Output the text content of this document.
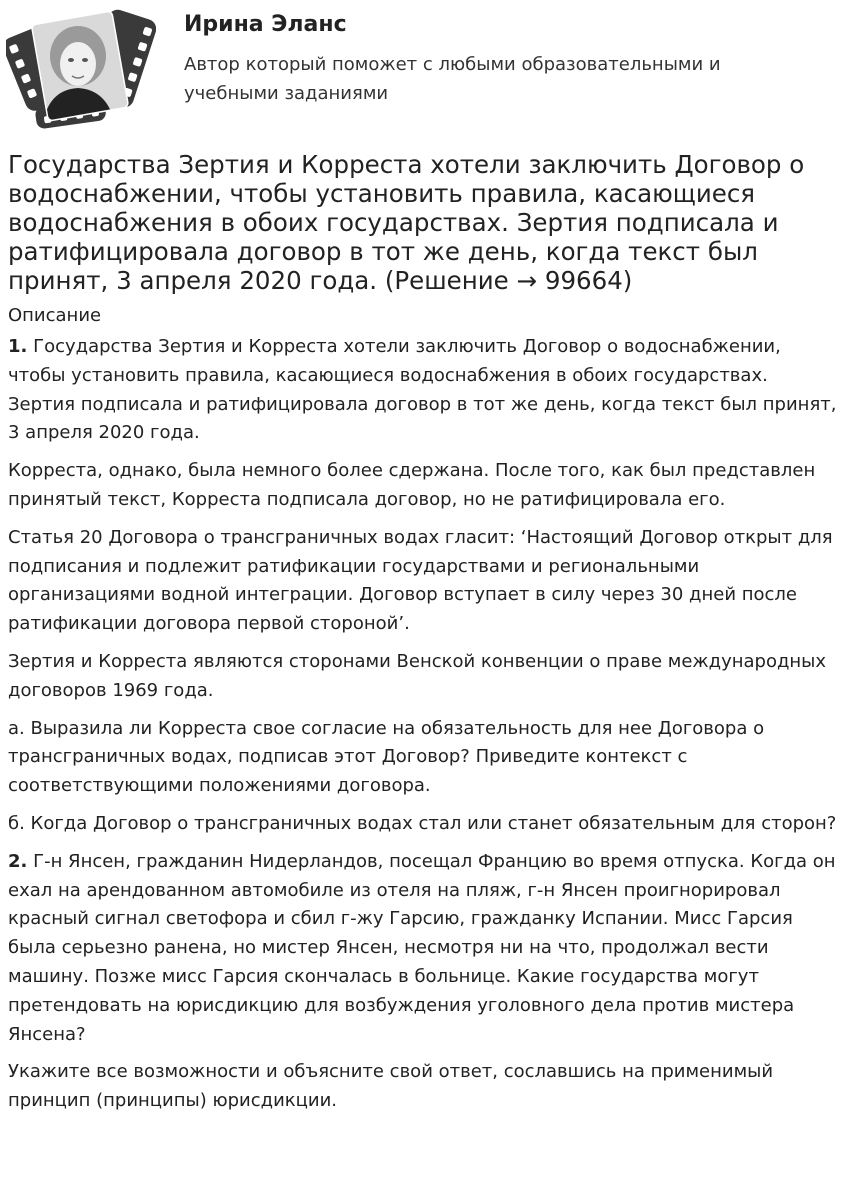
Ирина Эланс

Автор который поможет с любыми образовательными и учебными заданиями

Государства Зертия и Корреста хотели заключить Договор о водоснабжении, чтобы установить правила, касающиеся водоснабжения в обоих государствах. Зертия подписала и ратифицировала договор в тот же день, когда текст был принят, 3 апреля 2020 года. (Решение → 99664)
Описание

1. Государства Зертия и Корреста хотели заключить Договор о водоснабжении, чтобы установить правила, касающиеся водоснабжения в обоих государствах. Зертия подписала и ратифицировала договор в тот же день, когда текст был принят, 3 апреля 2020 года.

Корреста, однако, была немного более сдержана. После того, как был представлен принятый текст, Корреста подписала договор, но не ратифицировала его.

Статья 20 Договора о трансграничных водах гласит: ‘Настоящий Договор открыт для подписания и подлежит ратификации государствами и региональными организациями водной интеграции. Договор вступает в силу через 30 дней после ратификации договора первой стороной’.

Зертия и Корреста являются сторонами Венской конвенции о праве международных договоров 1969 года.

а. Выразила ли Корреста свое согласие на обязательность для нее Договора о трансграничных водах, подписав этот Договор? Приведите контекст с соответствующими положениями договора.

б. Когда Договор о трансграничных водах стал или станет обязательным для сторон?

2. Г-н Янсен, гражданин Нидерландов, посещал Францию во время отпуска. Когда он ехал на арендованном автомобиле из отеля на пляж, г-н Янсен проигнорировал красный сигнал светофора и сбил г-жу Гарсию, гражданку Испании. Мисс Гарсия была серьезно ранена, но мистер Янсен, несмотря ни на что, продолжал вести машину. Позже мисс Гарсия скончалась в больнице. Какие государства могут претендовать на юрисдикцию для возбуждения уголовного дела против мистера Янсена?

Укажите все возможности и объясните свой ответ, сославшись на применимый принцип (принципы) юрисдикции.
